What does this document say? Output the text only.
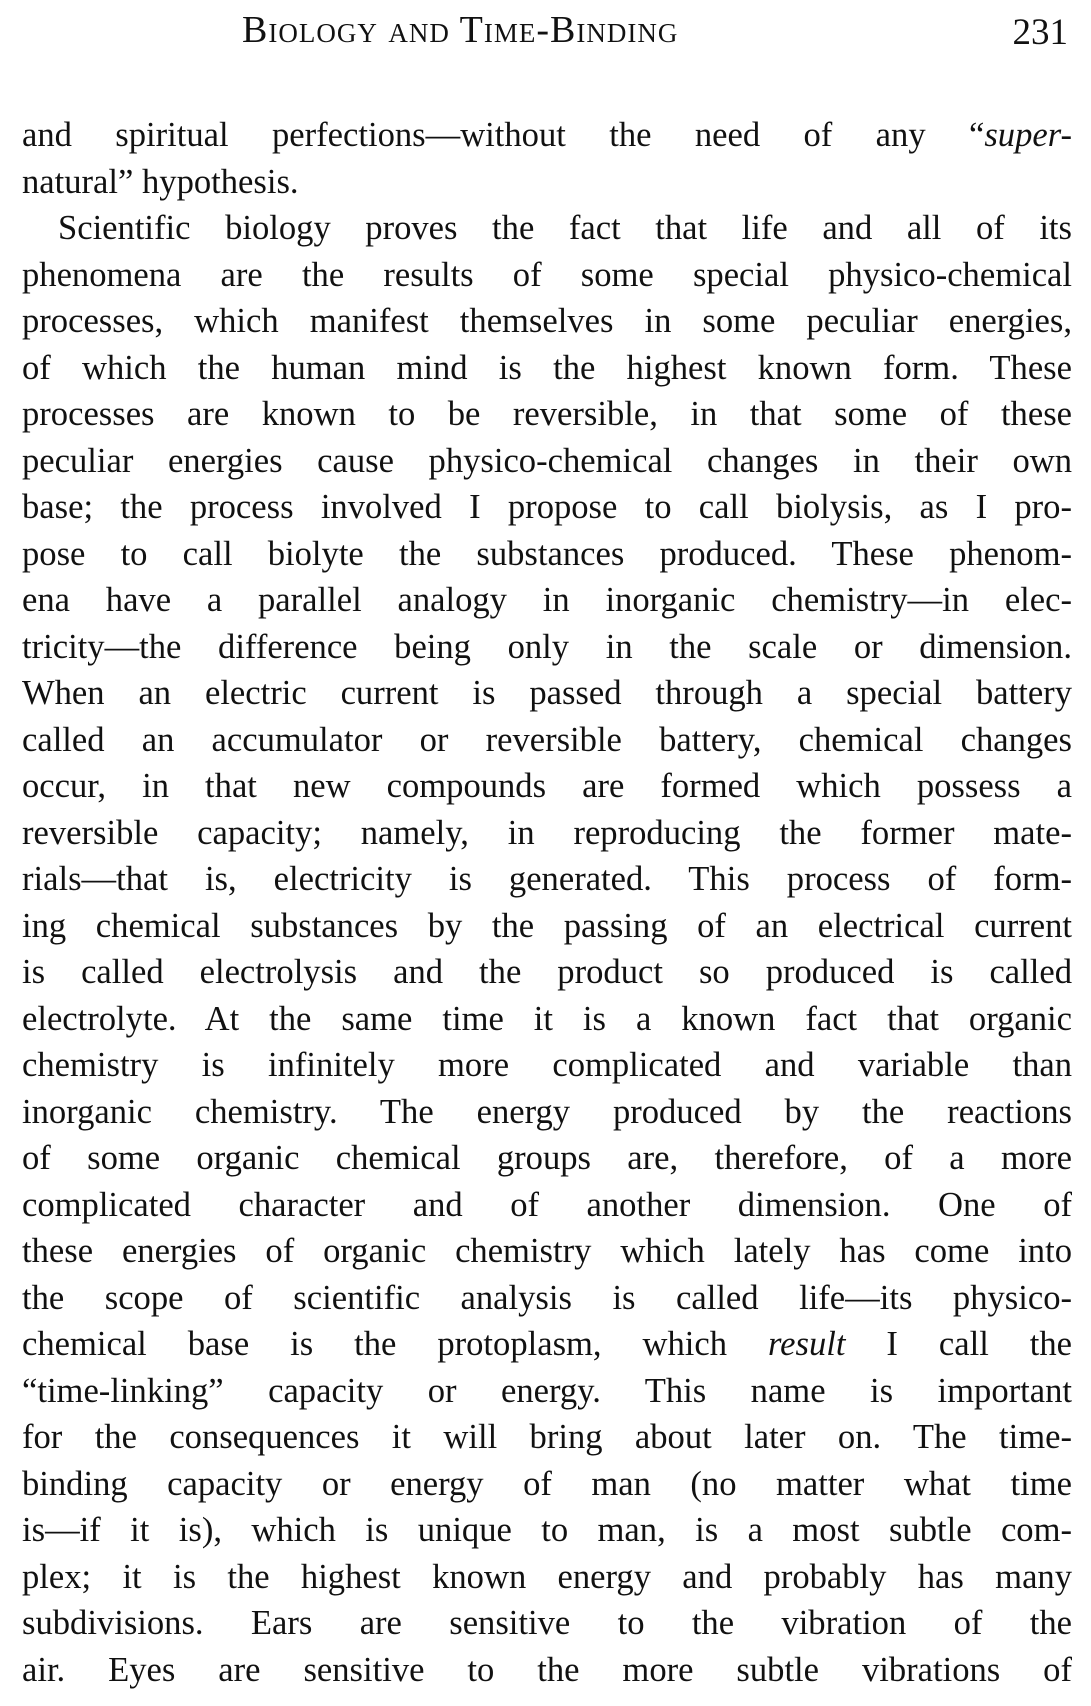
Biology and Time-Binding	231
and spiritual perfections—without the need of any “super-
natural” hypothesis.
Scientific biology proves the fact that life and all of its
phenomena are the results of some special physico-chemical
processes, which manifest themselves in some peculiar energies,
of which the human mind is the highest known form. These
processes are known to be reversible, in that some of these
peculiar energies cause physico-chemical changes in their own
base; the process involved I propose to call biolysis, as I pro-
pose to call biolyte the substances produced. These phenom-
ena have a parallel analogy in inorganic chemistry—in elec-
tricity—the difference being only in the scale or dimension.
When an electric current is passed through a special battery
called an accumulator or reversible battery, chemical changes
occur, in that new compounds are formed which possess a
reversible capacity; namely, in reproducing the former mate-
rials—that is, electricity is generated. This process of form-
ing chemical substances by the passing of an electrical current
is called electrolysis and the product so produced is called
electrolyte. At the same time it is a known fact that organic
chemistry is infinitely more complicated and variable than
inorganic chemistry. The energy produced by the reactions
of some organic chemical groups are, therefore, of a more
complicated character and of another dimension. One of
these energies of organic chemistry which lately has come into
the scope of scientific analysis is called life—its physico-
chemical base is the protoplasm, which result I call the
“time-linking” capacity or energy. This name is important
for the consequences it will bring about later on. The time-
binding capacity or energy of man (no matter what time
is—if it is), which is unique to man, is a most subtle com-
plex; it is the highest known energy and probably has many
subdivisions. Ears are sensitive to the vibration of the
air. Eyes are sensitive to the more subtle vibrations of
